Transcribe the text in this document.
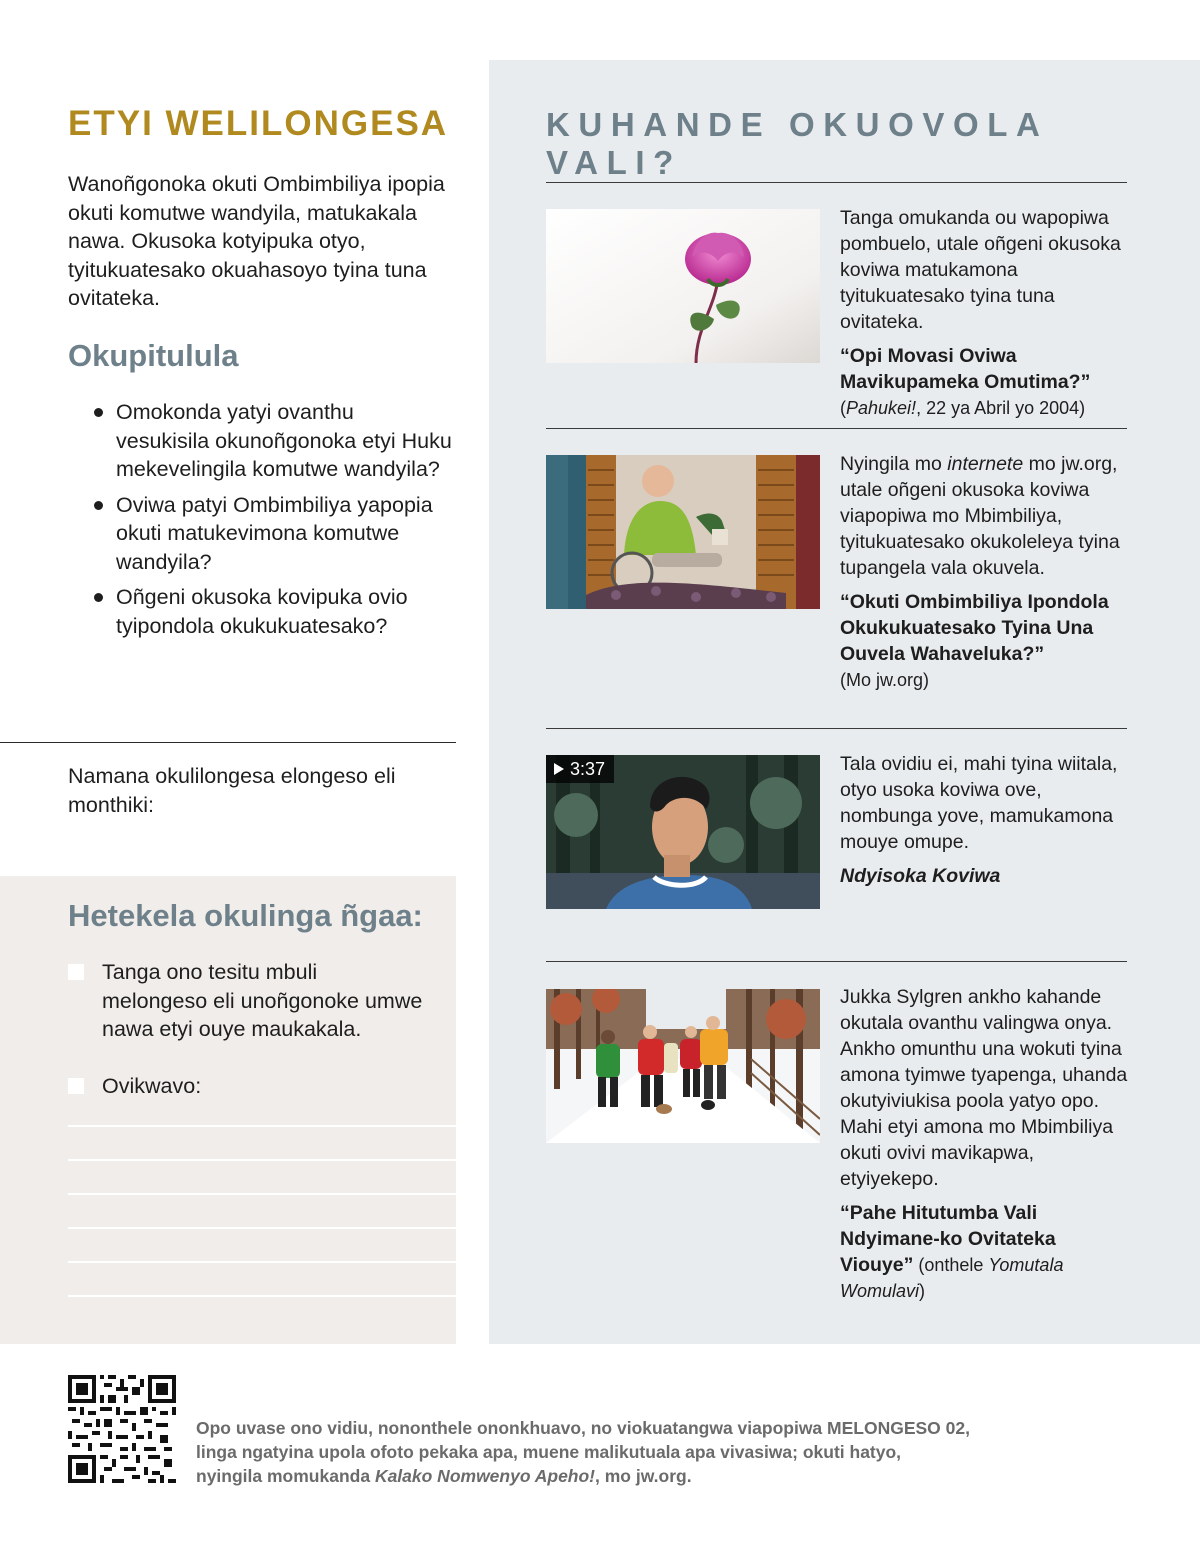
ETYI WELILONGESA

Wanoñgonoka okuti Ombimbiliya ipopia okuti komutwe wandyila, matukakala nawa. Okusoka kotyipuka otyo, tyitukuatesako okuahasoyo tyina tuna ovitateka.

Okupitulula
Omokonda yatyi ovanthu vesukisila okunoñgonoka etyi Huku mekevelingila komutwe wandyila?
Oviwa patyi Ombimbiliya yapopia okuti matukevimona komutwe wandyila?
Oñgeni okusoka kovipuka ovio tyipondola okukukuatesako?

Namana okulilongesa elongeso eli monthiki:

Hetekela okulinga ñgaa:
Tanga ono tesitu mbuli melongeso eli unoñgonoke umwe nawa etyi ouye maukakala.
Ovikwavo:
KUHANDE OKUOVOLA VALI?
Tanga omukanda ou wapopiwa pombuelo, utale oñgeni okusoka koviwa matukamona tyitukuatesako tyina tuna ovitateka.
“Opi Movasi Oviwa Mavikupameka Omutima?”
(Pahukei!, 22 ya Abril yo 2004)
Nyingila mo internete mo jw.org, utale oñgeni okusoka koviwa viapopiwa mo Mbimbiliya, tyitukuatesako okukoleleya tyina tupangela vala okuvela.
“Okuti Ombimbiliya Ipondola Okukukuatesako Tyina Una Ouvela Wahaveluka?”
(Mo jw.org)
3:37	Tala ovidiu ei, mahi tyina wiitala, otyo usoka koviwa ove, nombunga yove, mamukamona mouye omupe.
Ndyisoka Koviwa
Jukka Sylgren ankho kahande okutala ovanthu valingwa onya. Ankho omunthu una wokuti tyina amona tyimwe tyapenga, uhanda okutyiviukisa poola yatyo opo. Mahi etyi amona mo Mbimbiliya okuti ovivi mavikapwa, etyiyekepo.
“Pahe Hitutumba Vali Ndyimane-ko Ovitateka Viouye” (onthele Yomutala Womulavi)

Opo uvase ono vidiu, nononthele ononkhuavo, no viokuatangwa viapopiwa MELONGESO 02,
linga ngatyina upola ofoto pekaka apa, muene malikutuala apa vivasiwa; okuti hatyo,
nyingila momukanda Kalako Nomwenyo Apeho!, mo jw.org.
